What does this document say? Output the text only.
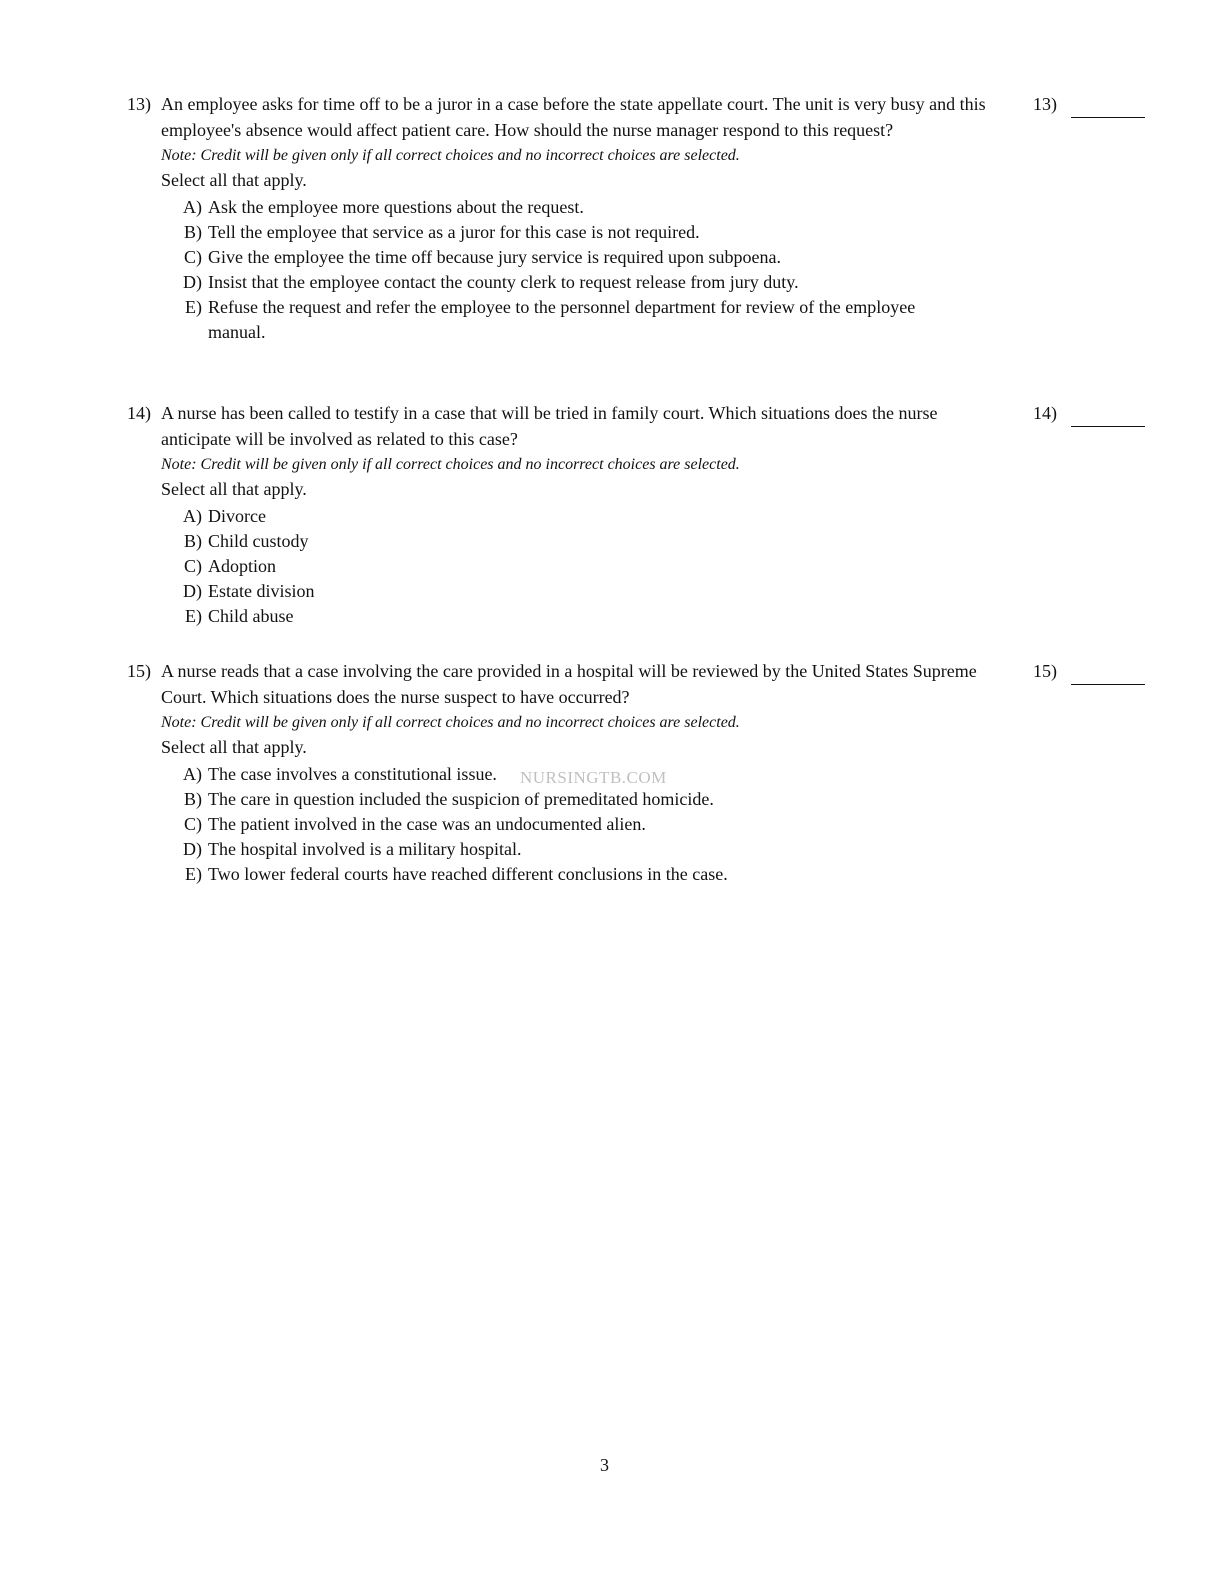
13) An employee asks for time off to be a juror in a case before the state appellate court. The unit is very busy and this employee's absence would affect patient care. How should the nurse manager respond to this request?
13)
Note: Credit will be given only if all correct choices and no incorrect choices are selected.
Select all that apply.
A) Ask the employee more questions about the request.
B) Tell the employee that service as a juror for this case is not required.
C) Give the employee the time off because jury service is required upon subpoena.
D) Insist that the employee contact the county clerk to request release from jury duty.
E) Refuse the request and refer the employee to the personnel department for review of the employee manual.
14) A nurse has been called to testify in a case that will be tried in family court. Which situations does the nurse anticipate will be involved as related to this case?
14)
Note: Credit will be given only if all correct choices and no incorrect choices are selected.
Select all that apply.
A) Divorce
B) Child custody
C) Adoption
D) Estate division
E) Child abuse
15) A nurse reads that a case involving the care provided in a hospital will be reviewed by the United States Supreme Court. Which situations does the nurse suspect to have occurred?
15)
Note: Credit will be given only if all correct choices and no incorrect choices are selected.
Select all that apply.
A) The case involves a constitutional issue.
B) The care in question included the suspicion of premeditated homicide.
C) The patient involved in the case was an undocumented alien.
D) The hospital involved is a military hospital.
E) Two lower federal courts have reached different conclusions in the case.
NURSINGTB.COM
3
